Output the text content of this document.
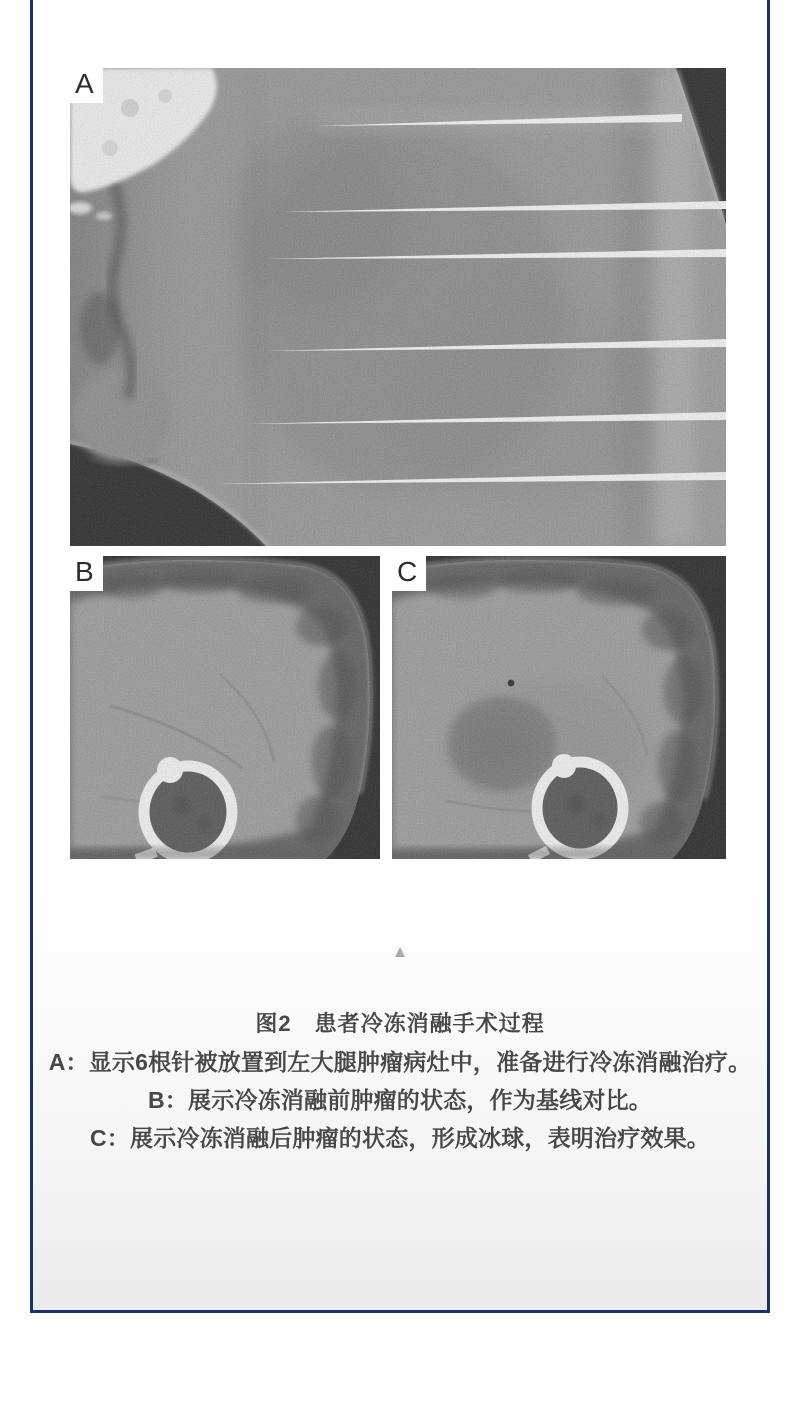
A
B	C
▲
图2　患者冷冻消融手术过程
A：显示6根针被放置到左大腿肿瘤病灶中，准备进行冷冻消融治疗。
B：展示冷冻消融前肿瘤的状态，作为基线对比。
C：展示冷冻消融后肿瘤的状态，形成冰球，表明治疗效果。
